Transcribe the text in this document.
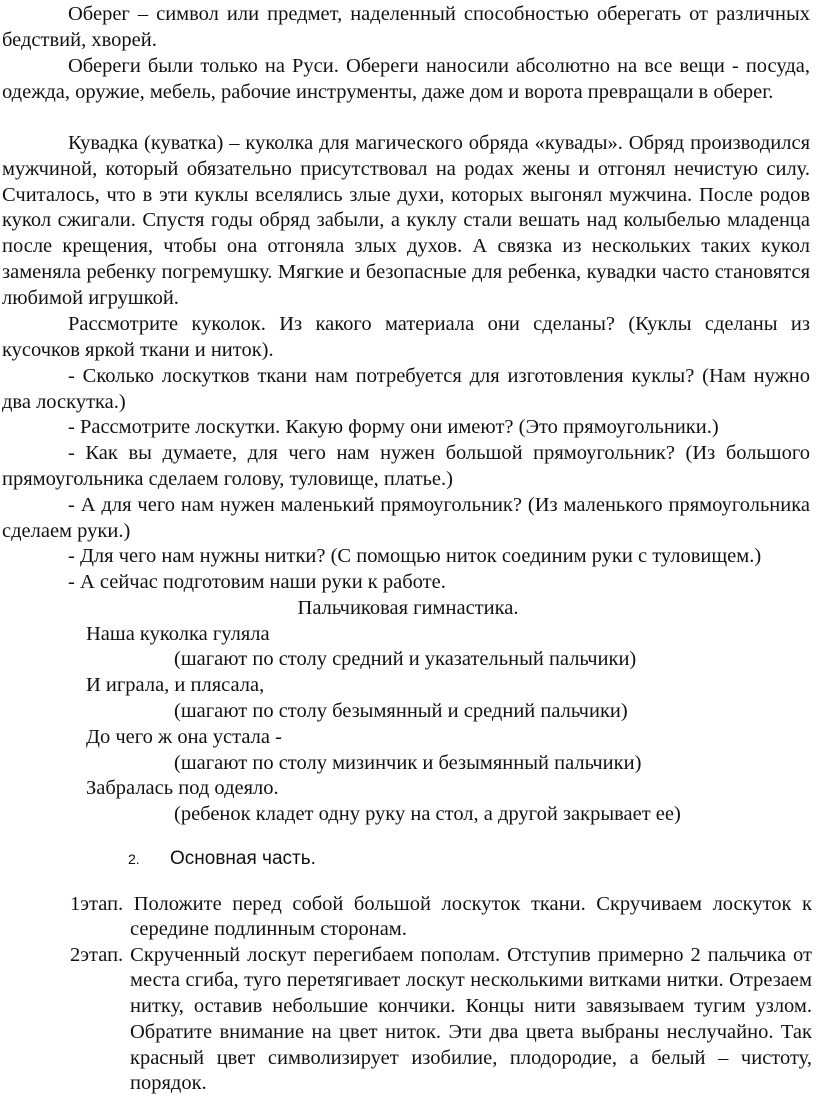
Оберег – символ или предмет, наделенный способностью оберегать от различных бедствий, хворей.

Обереги были только на Руси. Обереги наносили абсолютно на все вещи - посуда, одежда, оружие, мебель, рабочие инструменты, даже дом и ворота превращали в оберег.

Кувадка (куватка) – куколка для магического обряда «кувады». Обряд производился мужчиной, который обязательно присутствовал на родах жены и отгонял нечистую силу. Считалось, что в эти куклы вселялись злые духи, которых выгонял мужчина. После родов кукол сжигали. Спустя годы обряд забыли, а куклу стали вешать над колыбелью младенца после крещения, чтобы она отгоняла злых духов. А связка из нескольких таких кукол заменяла ребенку погремушку. Мягкие и безопасные для ребенка, кувадки часто становятся любимой игрушкой.

Рассмотрите куколок. Из какого материала они сделаны? (Куклы сделаны из кусочков яркой ткани и ниток).

- Сколько лоскутков ткани нам потребуется для изготовления куклы? (Нам нужно два лоскутка.)

- Рассмотрите лоскутки. Какую форму они имеют? (Это прямоугольники.)

- Как вы думаете, для чего нам нужен большой прямоугольник? (Из большого прямоугольника сделаем голову, туловище, платье.)

- А для чего нам нужен маленький прямоугольник? (Из маленького прямоугольника сделаем руки.)

- Для чего нам нужны нитки? (С помощью ниток соединим руки с туловищем.)

- А сейчас подготовим наши руки к работе.

Пальчиковая гимнастика.
Наша куколка гуляла
(шагают по столу средний и указательный пальчики)
И играла, и плясала,
(шагают по столу безымянный и средний пальчики)
До чего ж она устала -
(шагают по столу мизинчик и безымянный пальчики)
Забралась под одеяло.
(ребенок кладет одну руку на стол, а другой закрывает ее)
2. Основная часть.

1этап. Положите перед собой большой лоскуток ткани. Скручиваем лоскуток к середине подлинным сторонам.

2этап. Скрученный лоскут перегибаем пополам. Отступив примерно 2 пальчика от места сгиба, туго перетягивает лоскут несколькими витками нитки. Отрезаем нитку, оставив небольшие кончики. Концы нити завязываем тугим узлом. Обратите внимание на цвет ниток. Эти два цвета выбраны неслучайно. Так красный цвет символизирует изобилие, плодородие, а белый – чистоту, порядок.
